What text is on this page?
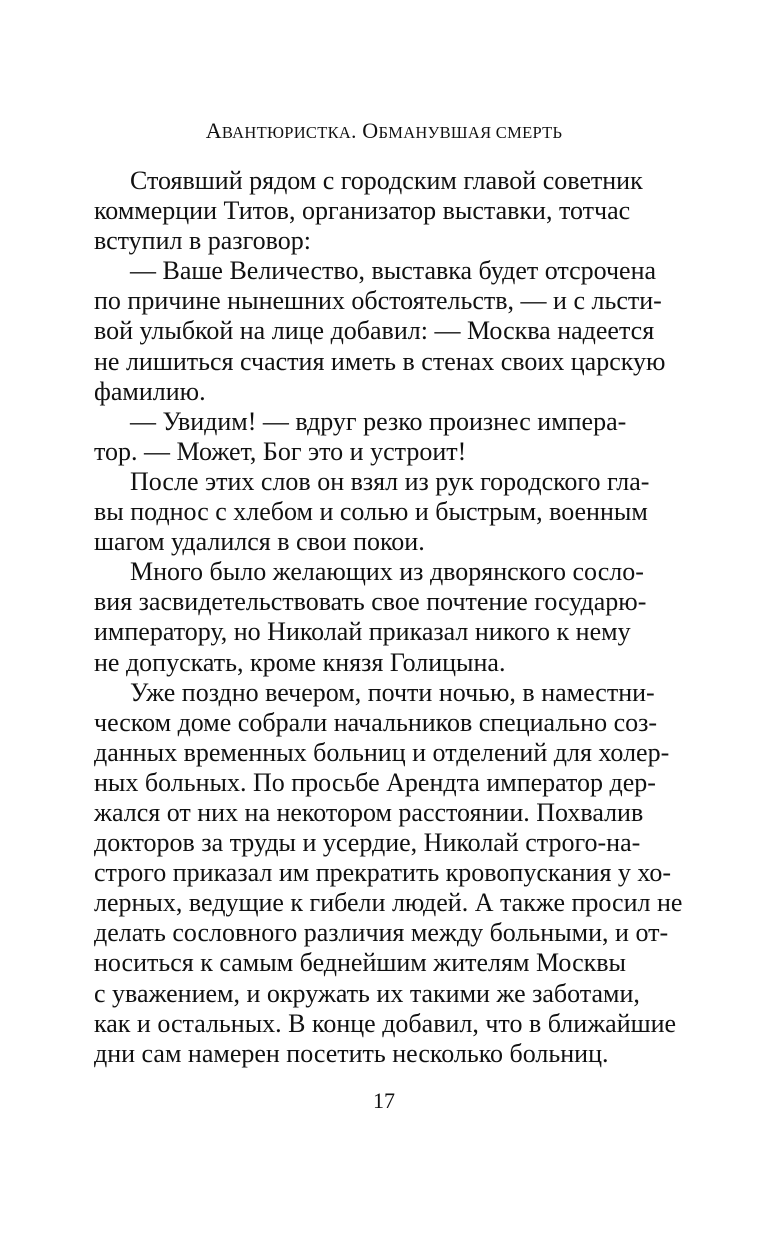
АВАНТЮРИСТКА. ОБМАНУВШАЯ СМЕРТЬ
Стоявший рядом с городским главой советник
коммерции Титов, организатор выставки, тотчас
вступил в разговор:
— Ваше Величество, выставка будет отсрочена
по причине нынешних обстоятельств, — и с льсти-
вой улыбкой на лице добавил: — Москва надеется
не лишиться счастия иметь в стенах своих царскую
фамилию.
— Увидим! — вдруг резко произнес импера-
тор. — Может, Бог это и устроит!
После этих слов он взял из рук городского гла-
вы поднос с хлебом и солью и быстрым, военным
шагом удалился в свои покои.
Много было желающих из дворянского сосло-
вия засвидетельствовать свое почтение государю-
императору, но Николай приказал никого к нему
не допускать, кроме князя Голицына.
Уже поздно вечером, почти ночью, в наместни-
ческом доме собрали начальников специально соз-
данных временных больниц и отделений для холер-
ных больных. По просьбе Арендта император дер-
жался от них на некотором расстоянии. Похвалив
докторов за труды и усердие, Николай строго-на-
строго приказал им прекратить кровопускания у хо-
лерных, ведущие к гибели людей. А также просил не
делать сословного различия между больными, и от-
носиться к самым беднейшим жителям Москвы
с уважением, и окружать их такими же заботами,
как и остальных. В конце добавил, что в ближайшие
дни сам намерен посетить несколько больниц.
17
